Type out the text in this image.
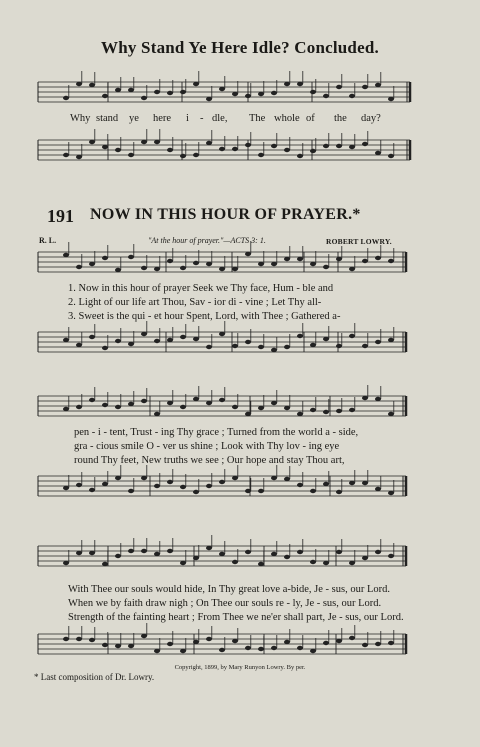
Why Stand Ye Here Idle? Concluded.
Why stand ye here i - dle, The whole of the day?
191 NOW IN THIS HOUR OF PRAYER.*
R. L.	"At the hour of prayer."—ACTS 3: 1.	ROBERT LOWRY.
1. Now in this hour of prayer Seek we Thy face, Hum - ble and
2. Light of our life art Thou, Sav - ior di - vine ; Let Thy all-
3. Sweet is the qui - et hour Spent, Lord, with Thee ; Gathered a-
pen - i - tent, Trust - ing Thy grace ; Turned from the world a - side,
gra - cious smile O - ver us shine ; Look with Thy lov - ing eye
round Thy feet, New truths we see ; Our hope and stay Thou art,
With Thee our souls would hide, In Thy great love a-bide, Je - sus, our Lord.
When we by faith draw nigh ; On Thee our souls re - ly, Je - sus, our Lord.
Strength of the fainting heart ; From Thee we ne'er shall part, Je - sus, our Lord.
Copyright, 1899, by Mary Runyon Lowry. By per.
* Last composition of Dr. Lowry.
